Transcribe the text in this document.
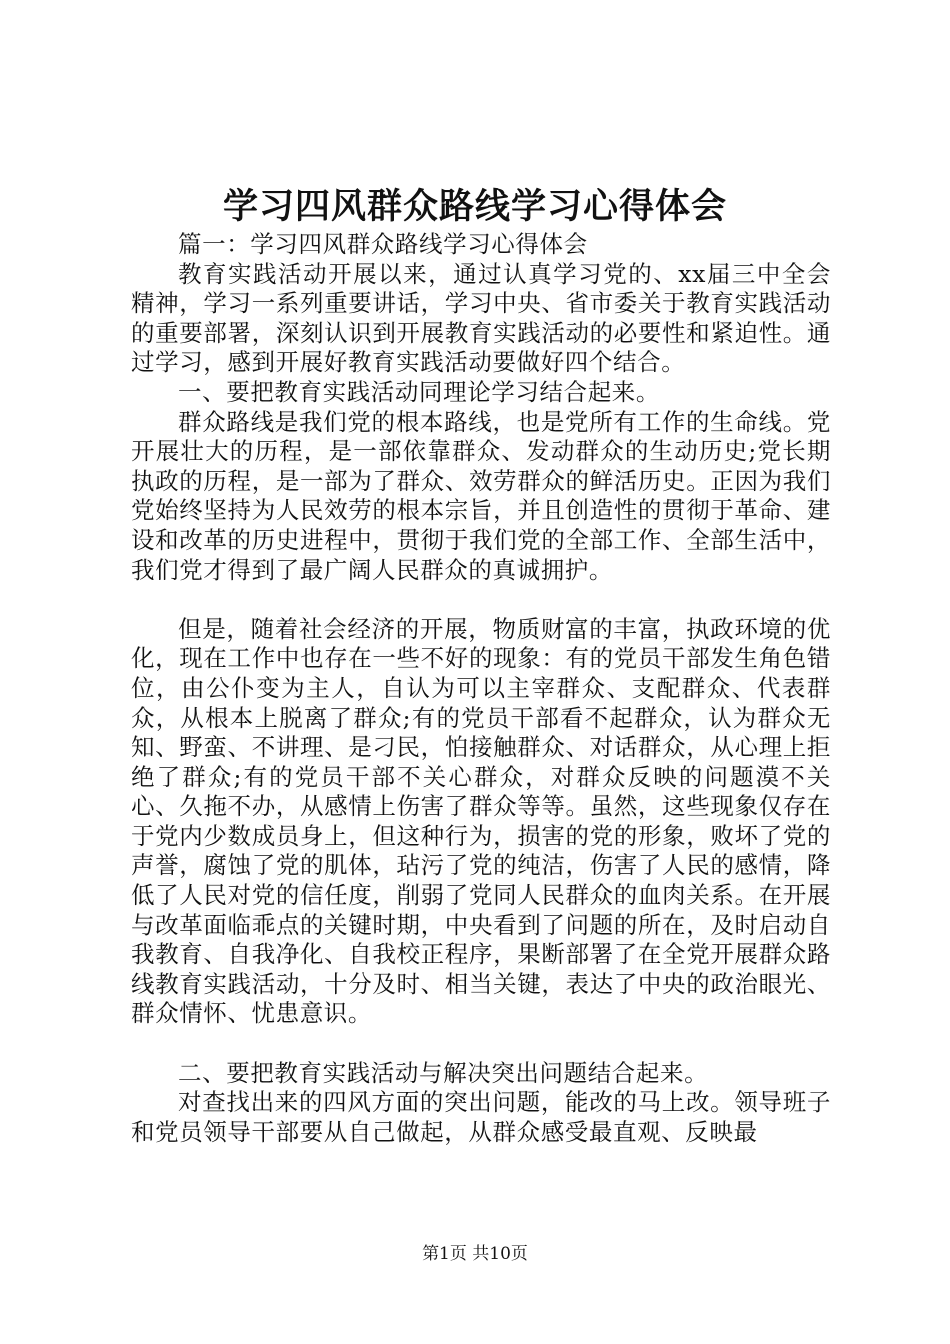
学习四风群众路线学习心得体会

篇一：学习四风群众路线学习心得体会

教育实践活动开展以来，通过认真学习党的、xx届三中全会精神，学习一系列重要讲话，学习中央、省市委关于教育实践活动的重要部署，深刻认识到开展教育实践活动的必要性和紧迫性。通过学习，感到开展好教育实践活动要做好四个结合。

一、要把教育实践活动同理论学习结合起来。

群众路线是我们党的根本路线，也是党所有工作的生命线。党开展壮大的历程，是一部依靠群众、发动群众的生动历史;党长期执政的历程，是一部为了群众、效劳群众的鲜活历史。正因为我们党始终坚持为人民效劳的根本宗旨，并且创造性的贯彻于革命、建设和改革的历史进程中，贯彻于我们党的全部工作、全部生活中，我们党才得到了最广阔人民群众的真诚拥护。

但是，随着社会经济的开展，物质财富的丰富，执政环境的优化，现在工作中也存在一些不好的现象：有的党员干部发生角色错位，由公仆变为主人，自认为可以主宰群众、支配群众、代表群众，从根本上脱离了群众;有的党员干部看不起群众，认为群众无知、野蛮、不讲理、是刁民，怕接触群众、对话群众，从心理上拒绝了群众;有的党员干部不关心群众，对群众反映的问题漠不关心、久拖不办，从感情上伤害了群众等等。虽然，这些现象仅存在于党内少数成员身上，但这种行为，损害的党的形象，败坏了党的声誉，腐蚀了党的肌体，玷污了党的纯洁，伤害了人民的感情，降低了人民对党的信任度，削弱了党同人民群众的血肉关系。在开展与改革面临乖点的关键时期，中央看到了问题的所在，及时启动自我教育、自我净化、自我校正程序，果断部署了在全党开展群众路线教育实践活动，十分及时、相当关键，表达了中央的政治眼光、群众情怀、忧患意识。

二、要把教育实践活动与解决突出问题结合起来。

对查找出来的四风方面的突出问题，能改的马上改。领导班子和党员领导干部要从自己做起，从群众感受最直观、反映最

第1页 共10页
